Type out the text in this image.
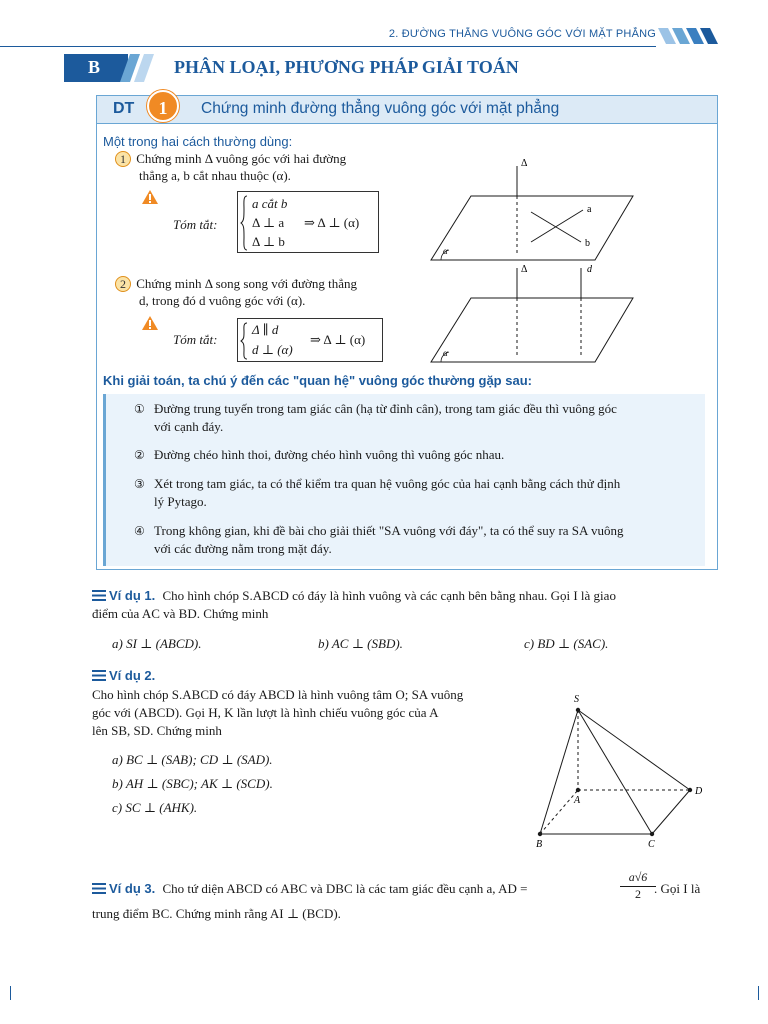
2. ĐƯỜNG THẲNG VUÔNG GÓC VỚI MẶT PHẲNG
B	PHÂN LOẠI, PHƯƠNG PHÁP GIẢI TOÁN
DT	1	Chứng minh đường thẳng vuông góc với mặt phẳng
Một trong hai cách thường dùng:
1 Chứng minh Δ vuông góc với hai đường
thẳng a, b cắt nhau thuộc (α).
Tóm tắt:
a cắt b
Δ ⊥ a
Δ ⊥ b
⇒ Δ ⊥ (α)
2 Chứng minh Δ song song với đường thẳng
d, trong đó d vuông góc với (α).
Tóm tắt:
Δ ∥ d
d ⊥ (α)
⇒ Δ ⊥ (α)
Δ
a
b
α
Δ	d
α
Khi giải toán, ta chú ý đến các "quan hệ" vuông góc thường gặp sau:
① Đường trung tuyến trong tam giác cân (hạ từ đỉnh cân), trong tam giác đều thì vuông góc
với cạnh đáy.
② Đường chéo hình thoi, đường chéo hình vuông thì vuông góc nhau.
③ Xét trong tam giác, ta có thể kiểm tra quan hệ vuông góc của hai cạnh bằng cách thử định
lý Pytago.
④ Trong không gian, khi đề bài cho giải thiết "SA vuông với đáy", ta có thể suy ra SA vuông
với các đường nằm trong mặt đáy.
Ví dụ 1. Cho hình chóp S.ABCD có đáy là hình vuông và các cạnh bên bằng nhau. Gọi I là giao
điểm của AC và BD. Chứng minh
a) SI ⊥ (ABCD).	b) AC ⊥ (SBD).	c) BD ⊥ (SAC).
Ví dụ 2.
Cho hình chóp S.ABCD có đáy ABCD là hình vuông tâm O; SA vuông
góc với (ABCD). Gọi H, K lần lượt là hình chiếu vuông góc của A
lên SB, SD. Chứng minh
a) BC ⊥ (SAB); CD ⊥ (SAD).
b) AH ⊥ (SBC); AK ⊥ (SCD).
c) SC ⊥ (AHK).
S
A
B	C
D
Ví dụ 3. Cho tứ diện ABCD có ABC và DBC là các tam giác đều cạnh a, AD =	$\frac{a√6}{2}$
. Gọi I là
trung điểm BC. Chứng minh rằng AI ⊥ (BCD).
